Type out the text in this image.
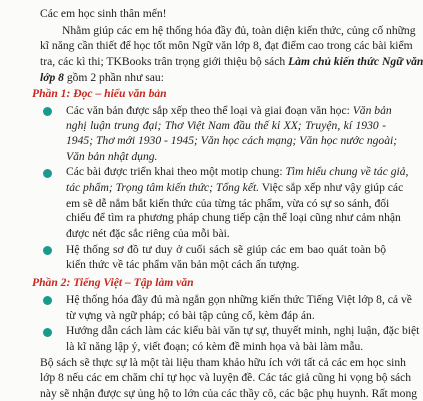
Các em học sinh thân mến!
Nhằm giúp các em hệ thống hóa đầy đủ, toàn diện kiến thức, củng cố những
kĩ năng cần thiết để học tốt môn Ngữ văn lớp 8, đạt điểm cao trong các bài kiểm
tra, các kì thi; TKBooks trân trọng giới thiệu bộ sách Làm chủ kiến thức Ngữ văn
lớp 8 gồm 2 phần như sau:
Phần 1: Đọc – hiểu văn bản
Các văn bản được sắp xếp theo thể loại và giai đoạn văn học: Văn bản
nghị luận trung đại; Thơ Việt Nam đầu thế kỉ XX; Truyện, kí 1930 -
1945; Thơ mới 1930 - 1945; Văn học cách mạng; Văn học nước ngoài;
Văn bản nhật dụng.
Các bài được triển khai theo một motip chung: Tìm hiểu chung về tác giả,
tác phẩm; Trọng tâm kiến thức; Tổng kết. Việc sắp xếp như vậy giúp các
em sẽ dễ nắm bắt kiến thức của từng tác phẩm, vừa có sự so sánh, đối
chiếu để tìm ra phương pháp chung tiếp cận thể loại cũng như cảm nhận
được nét đặc sắc riêng của mỗi bài.
Hệ thống sơ đồ tư duy ở cuối sách sẽ giúp các em bao quát toàn bộ
kiến thức về tác phẩm văn bản một cách ấn tượng.
Phần 2: Tiếng Việt – Tập làm văn
Hệ thống hóa đầy đủ mà ngắn gọn những kiến thức Tiếng Việt lớp 8, cả về
từ vựng và ngữ pháp; có bài tập củng cố, kèm đáp án.
Hướng dẫn cách làm các kiểu bài văn tự sự, thuyết minh, nghị luận, đặc biệt
là kĩ năng lập ý, viết đoạn; có kèm đề minh họa và bài làm mẫu.
Bộ sách sẽ thực sự là một tài liệu tham khảo hữu ích với tất cả các em học sinh
lớp 8 nếu các em chăm chỉ tự học và luyện đề. Các tác giả cũng hi vọng bộ sách
này sẽ nhận được sự ủng hộ to lớn của các thầy cô, các bậc phụ huynh. Rất mong
